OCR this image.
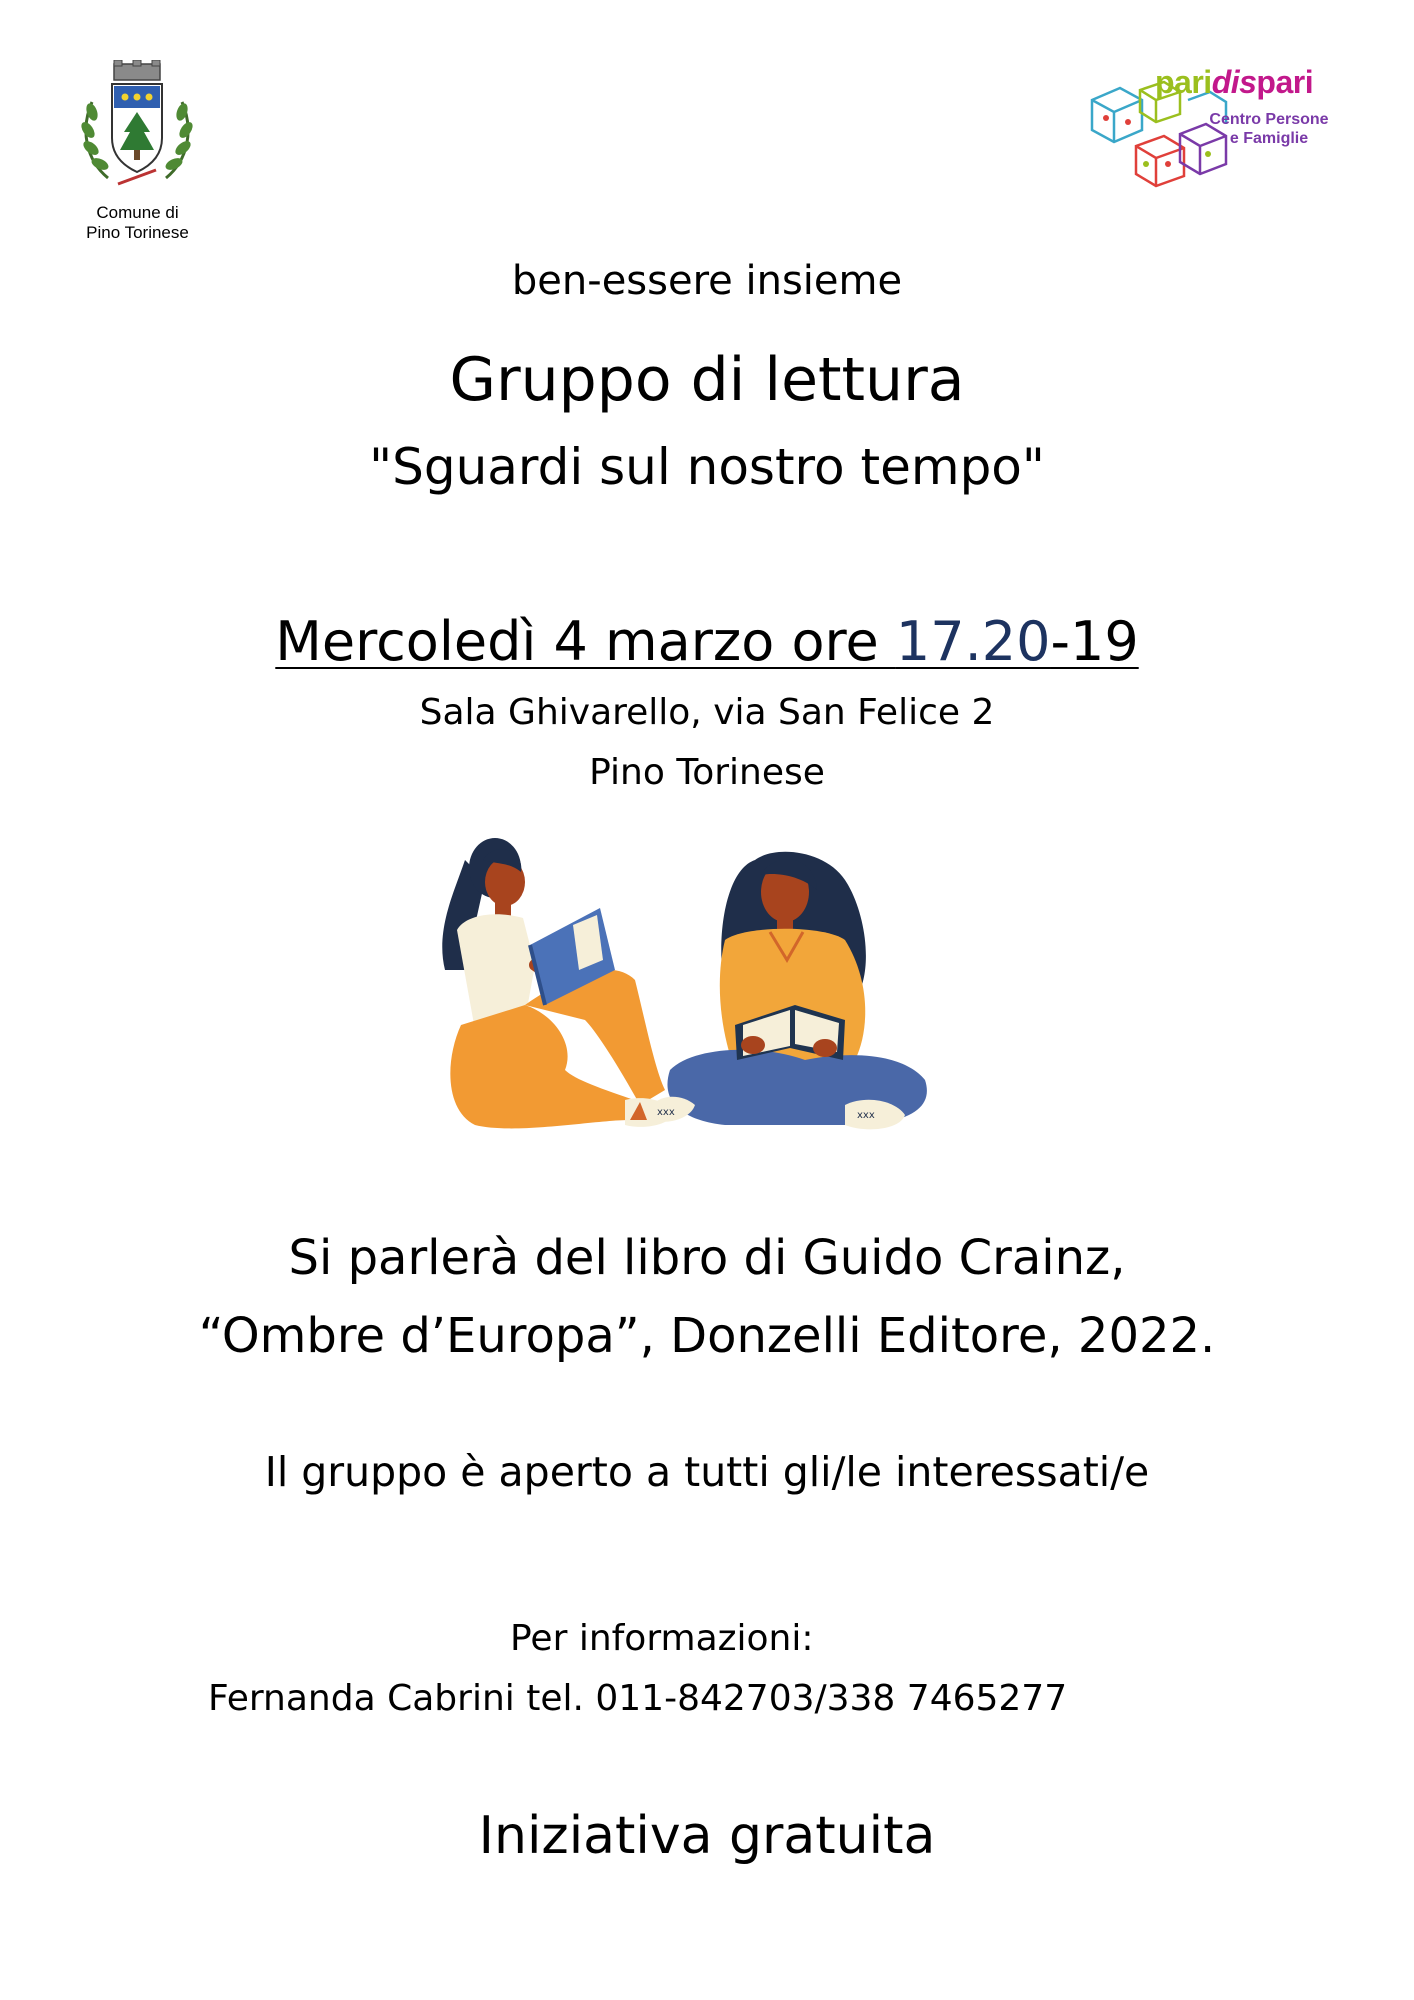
Comune di
Pino Torinese
paridispari
Centro Persone
e Famiglie
ben-essere insieme
Gruppo di lettura
"Sguardi sul nostro tempo"
Mercoledì 4 marzo ore 17.20-19
Sala Ghivarello, via San Felice 2
Pino Torinese
xxx	xxx
Si parlerà del libro di Guido Crainz,
“Ombre d’Europa”, Donzelli Editore, 2022.
Il gruppo è aperto a tutti gli/le interessati/e
Per informazioni:
Fernanda Cabrini tel. 011-842703/338 7465277
Iniziativa gratuita
